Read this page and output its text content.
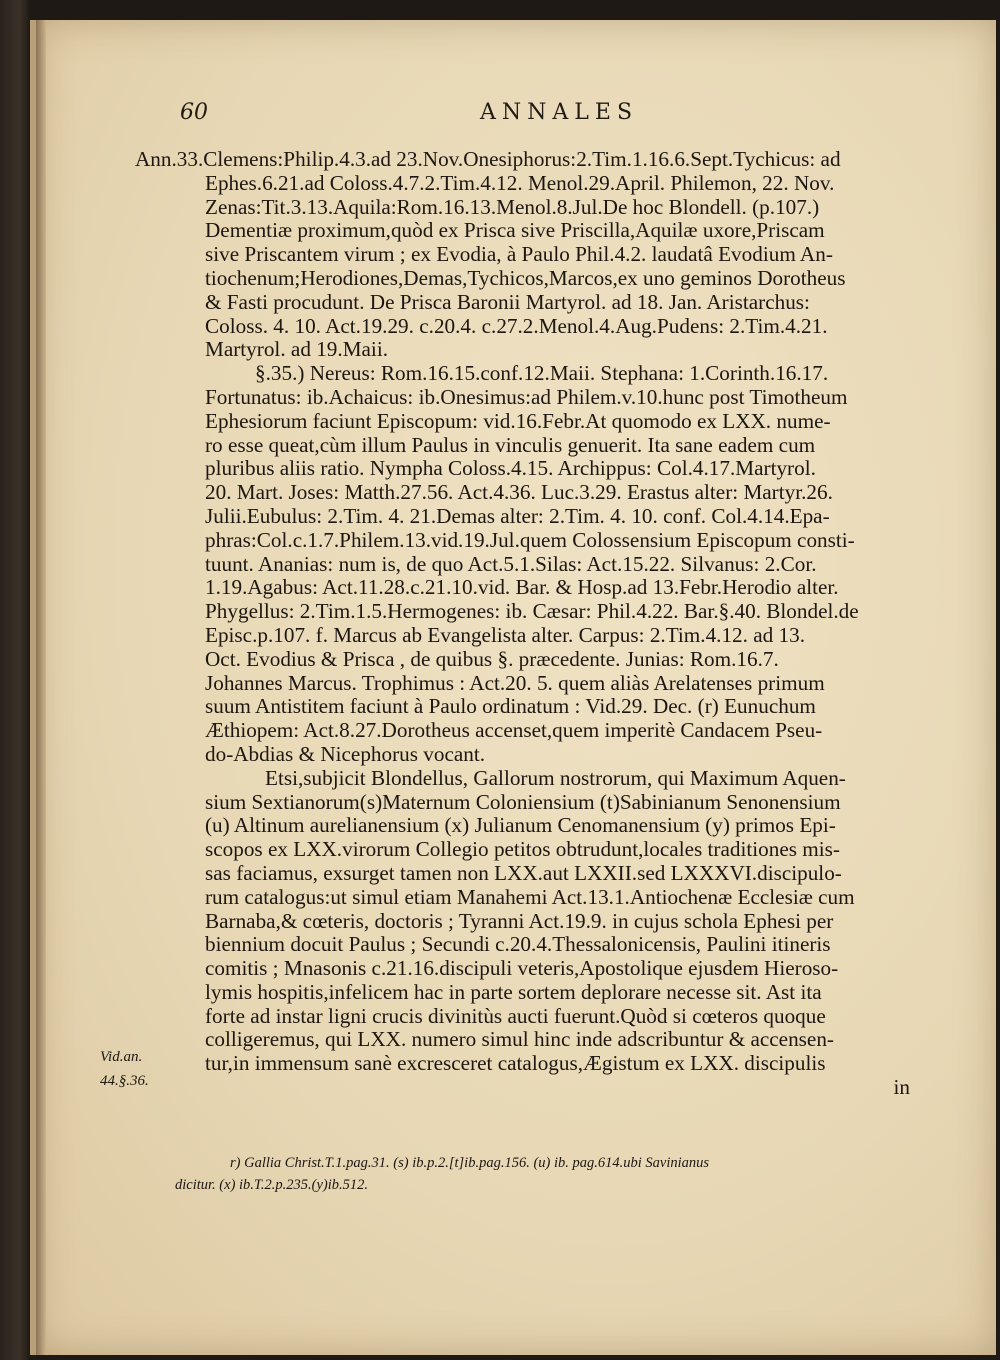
60	ANNALES
Ann.33.Clemens:Philip.4.3.ad 23.Nov.Onesiphorus:2.Tim.1.16.6.Sept.Tychicus: ad
Ephes.6.21.ad Coloss.4.7.2.Tim.4.12. Menol.29.April. Philemon, 22. Nov.
Zenas:Tit.3.13.Aquila:Rom.16.13.Menol.8.Jul.De hoc Blondell. (p.107.)
Dementiæ proximum,quòd ex Prisca sive Priscilla,Aquilæ uxore,Priscam
sive Priscantem virum ; ex Evodia, à Paulo Phil.4.2. laudatâ Evodium An-
tiochenum;Herodiones,Demas,Tychicos,Marcos,ex uno geminos Dorotheus
& Fasti procudunt. De Prisca Baronii Martyrol. ad 18. Jan. Aristarchus:
Coloss. 4. 10. Act.19.29. c.20.4. c.27.2.Menol.4.Aug.Pudens: 2.Tim.4.21.
Martyrol. ad 19.Maii.
§.35.) Nereus: Rom.16.15.conf.12.Maii. Stephana: 1.Corinth.16.17.
Fortunatus: ib.Achaicus: ib.Onesimus:ad Philem.v.10.hunc post Timotheum
Ephesiorum faciunt Episcopum: vid.16.Febr.At quomodo ex LXX. nume-
ro esse queat,cùm illum Paulus in vinculis genuerit. Ita sane eadem cum
pluribus aliis ratio. Nympha Coloss.4.15. Archippus: Col.4.17.Martyrol.
20. Mart. Joses: Matth.27.56. Act.4.36. Luc.3.29. Erastus alter: Martyr.26.
Julii.Eubulus: 2.Tim. 4. 21.Demas alter: 2.Tim. 4. 10. conf. Col.4.14.Epa-
phras:Col.c.1.7.Philem.13.vid.19.Jul.quem Colossensium Episcopum consti-
tuunt. Ananias: num is, de quo Act.5.1.Silas: Act.15.22. Silvanus: 2.Cor.
1.19.Agabus: Act.11.28.c.21.10.vid. Bar. & Hosp.ad 13.Febr.Herodio alter.
Phygellus: 2.Tim.1.5.Hermogenes: ib. Cæsar: Phil.4.22. Bar.§.40. Blondel.de
Episc.p.107. f. Marcus ab Evangelista alter. Carpus: 2.Tim.4.12. ad 13.
Oct. Evodius & Prisca , de quibus §. præcedente. Junias: Rom.16.7.
Johannes Marcus. Trophimus : Act.20. 5. quem aliàs Arelatenses primum
suum Antistitem faciunt à Paulo ordinatum : Vid.29. Dec. (r) Eunuchum
Æthiopem: Act.8.27.Dorotheus accenset,quem imperitè Candacem Pseu-
do-Abdias & Nicephorus vocant.
Etsi,subjicit Blondellus, Gallorum nostrorum, qui Maximum Aquen-
sium Sextianorum(s)Maternum Coloniensium (t)Sabinianum Senonensium
(u) Altinum aurelianensium (x) Julianum Cenomanensium (y) primos Epi-
scopos ex LXX.virorum Collegio petitos obtrudunt,locales traditiones mis-
sas faciamus, exsurget tamen non LXX.aut LXXII.sed LXXXVI.discipulo-
rum catalogus:ut simul etiam Manahemi Act.13.1.Antiochenæ Ecclesiæ cum
Barnaba,& cœteris, doctoris ; Tyranni Act.19.9. in cujus schola Ephesi per
biennium docuit Paulus ; Secundi c.20.4.Thessalonicensis, Paulini itineris
comitis ; Mnasonis c.21.16.discipuli veteris,Apostolique ejusdem Hieroso-
lymis hospitis,infelicem hac in parte sortem deplorare necesse sit. Ast ita
forte ad instar ligni crucis divinitùs aucti fuerunt.Quòd si cœteros quoque
colligeremus, qui LXX. numero simul hinc inde adscribuntur & accensen-
tur,in immensum sanè excresceret catalogus,Ægistum ex LXX. discipulis
in
Vid.an.
44.§.36.
r) Gallia Christ.T.1.pag.31. (s) ib.p.2.[t]ib.pag.156. (u) ib. pag.614.ubi Savinianus
dicitur. (x) ib.T.2.p.235.(y)ib.512.
